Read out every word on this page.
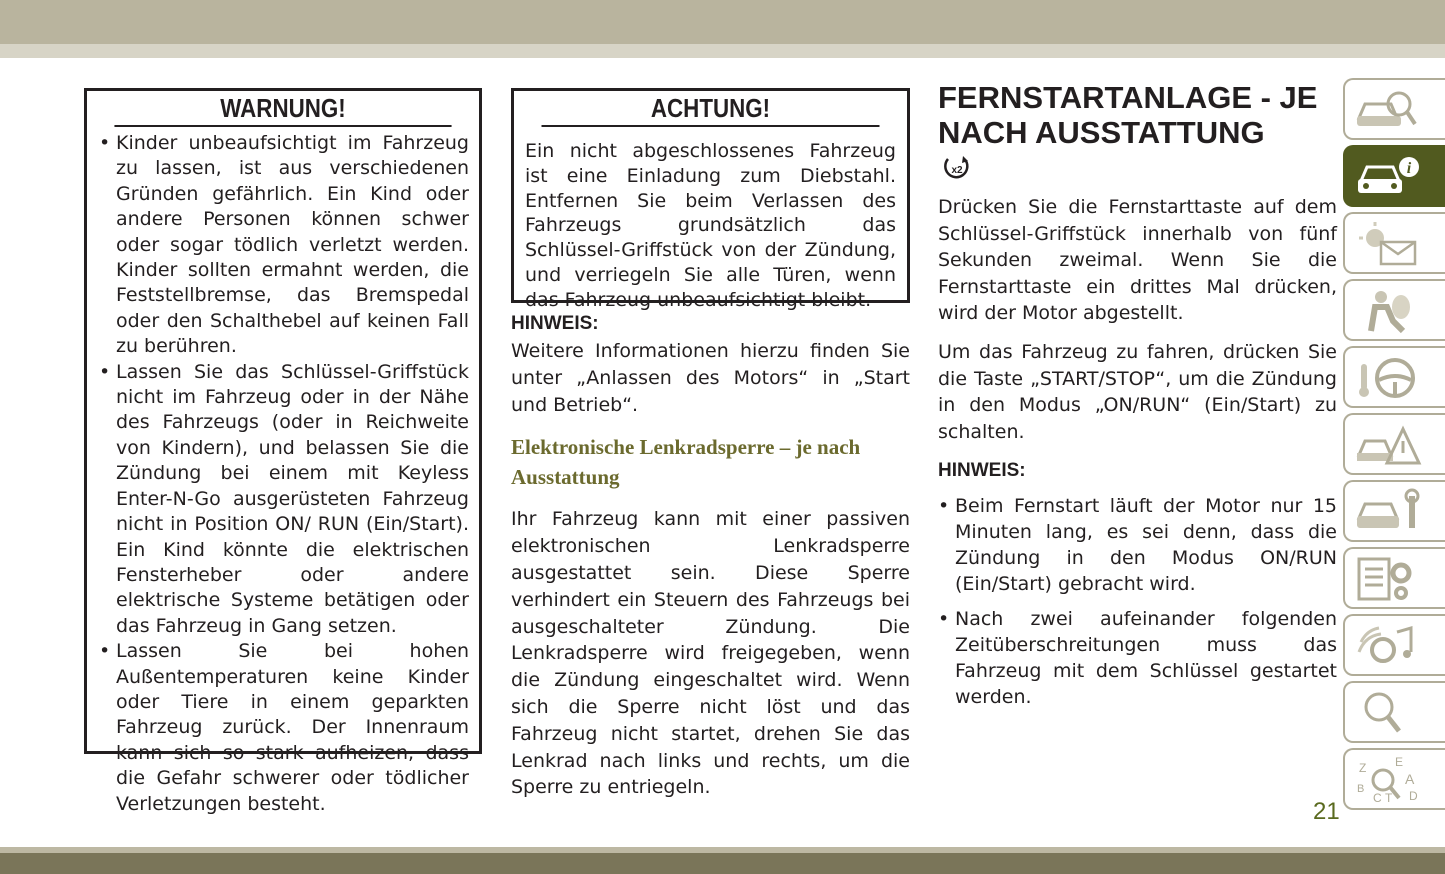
WARNUNG!
• Kinder unbeaufsichtigt im Fahrzeug zu lassen, ist aus verschiedenen Gründen gefährlich. Ein Kind oder andere Personen können schwer oder sogar tödlich verletzt werden. Kinder sollten ermahnt werden, die Feststellbremse, das Bremspedal oder den Schalthebel auf keinen Fall zu berühren.
• Lassen Sie das Schlüssel-Griffstück nicht im Fahrzeug oder in der Nähe des Fahrzeugs (oder in Reichweite von Kindern), und belassen Sie die Zündung bei einem mit Keyless Enter-N-Go ausgerüsteten Fahrzeug nicht in Position ON/ RUN (Ein/Start). Ein Kind könnte die elektrischen Fensterheber oder andere elektrische Systeme betätigen oder das Fahrzeug in Gang setzen.
• Lassen Sie bei hohen Außentemperaturen keine Kinder oder Tiere in einem geparkten Fahrzeug zurück. Der Innenraum kann sich so stark aufheizen, dass die Gefahr schwerer oder tödlicher Verletzungen besteht.
ACHTUNG!
Ein nicht abgeschlossenes Fahrzeug ist eine Einladung zum Diebstahl. Entfernen Sie beim Verlassen des Fahrzeugs grundsätzlich das Schlüssel-Griffstück von der Zündung, und verriegeln Sie alle Türen, wenn das Fahrzeug unbeaufsichtigt bleibt.
HINWEIS:

Weitere Informationen hierzu finden Sie unter „Anlassen des Motors“ in „Start und Betrieb“.

Elektronische Lenkradsperre – je nach Ausstattung

Ihr Fahrzeug kann mit einer passiven elektronischen Lenkradsperre ausgestattet sein. Diese Sperre verhindert ein Steuern des Fahrzeugs bei ausgeschalteter Zündung. Die Lenkradsperre wird freigegeben, wenn die Zündung eingeschaltet wird. Wenn sich die Sperre nicht löst und das Fahrzeug nicht startet, drehen Sie das Lenkrad nach links und rechts, um die Sperre zu entriegeln.

FERNSTARTANLAGE - JE NACH AUSSTATTUNG
x2

Drücken Sie die Fernstarttaste auf dem Schlüssel-Griffstück innerhalb von fünf Sekunden zweimal. Wenn Sie die Fernstarttaste ein drittes Mal drücken, wird der Motor abgestellt.

Um das Fahrzeug zu fahren, drücken Sie die Taste „START/STOP“, um die Zündung in den Modus „ON/RUN“ (Ein/Start) zu schalten.

HINWEIS:
• Beim Fernstart läuft der Motor nur 15 Minuten lang, es sei denn, dass die Zündung in den Modus ON/RUN (Ein/Start) gebracht wird.
• Nach zwei aufeinander folgenden Zeitüberschreitungen muss das Fahrzeug mit dem Schlüssel gestartet werden.
i
Z E
B
A
C T D
21
